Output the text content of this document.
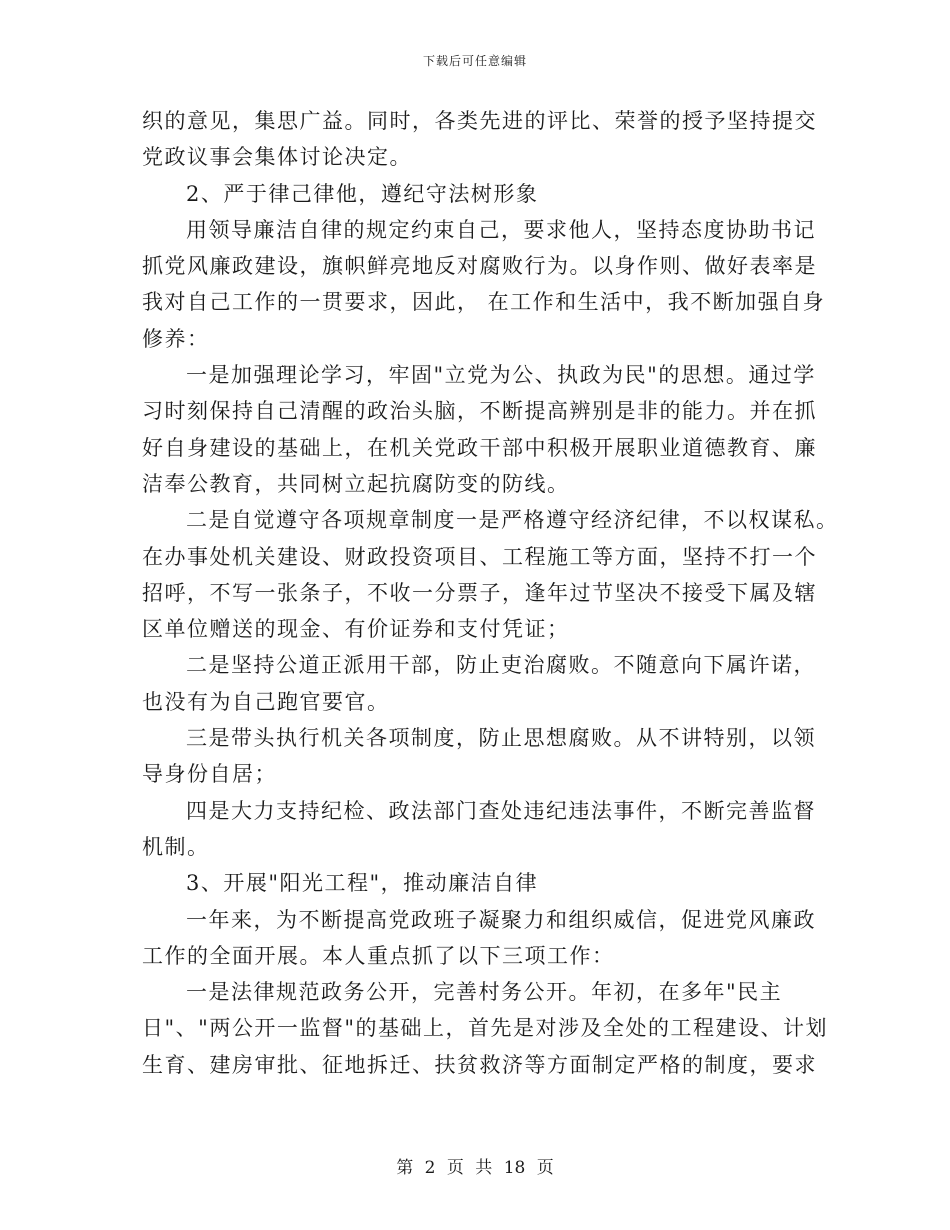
下载后可任意编辑
织的意见，集思广益。同时，各类先进的评比、荣誉的授予坚持提交
党政议事会集体讨论决定。
2、严于律己律他，遵纪守法树形象
用领导廉洁自律的规定约束自己，要求他人，坚持态度协助书记
抓党风廉政建设，旗帜鲜亮地反对腐败行为。以身作则、做好表率是
我对自己工作的一贯要求，因此， 在工作和生活中，我不断加强自身
修养：
一是加强理论学习，牢固"立党为公、执政为民"的思想。通过学
习时刻保持自己清醒的政治头脑，不断提高辨别是非的能力。并在抓
好自身建设的基础上，在机关党政干部中积极开展职业道德教育、廉
洁奉公教育，共同树立起抗腐防变的防线。
二是自觉遵守各项规章制度一是严格遵守经济纪律，不以权谋私。
在办事处机关建设、财政投资项目、工程施工等方面，坚持不打一个
招呼，不写一张条子，不收一分票子，逢年过节坚决不接受下属及辖
区单位赠送的现金、有价证券和支付凭证；
二是坚持公道正派用干部，防止吏治腐败。不随意向下属许诺，
也没有为自己跑官要官。
三是带头执行机关各项制度，防止思想腐败。从不讲特别，以领
导身份自居；
四是大力支持纪检、政法部门查处违纪违法事件，不断完善监督
机制。
3、开展"阳光工程"，推动廉洁自律
一年来，为不断提高党政班子凝聚力和组织威信，促进党风廉政
工作的全面开展。本人重点抓了以下三项工作：
一是法律规范政务公开，完善村务公开。年初，在多年"民主
日"、"两公开一监督"的基础上，首先是对涉及全处的工程建设、计划
生育、建房审批、征地拆迁、扶贫救济等方面制定严格的制度，要求
第 2 页 共 18 页
